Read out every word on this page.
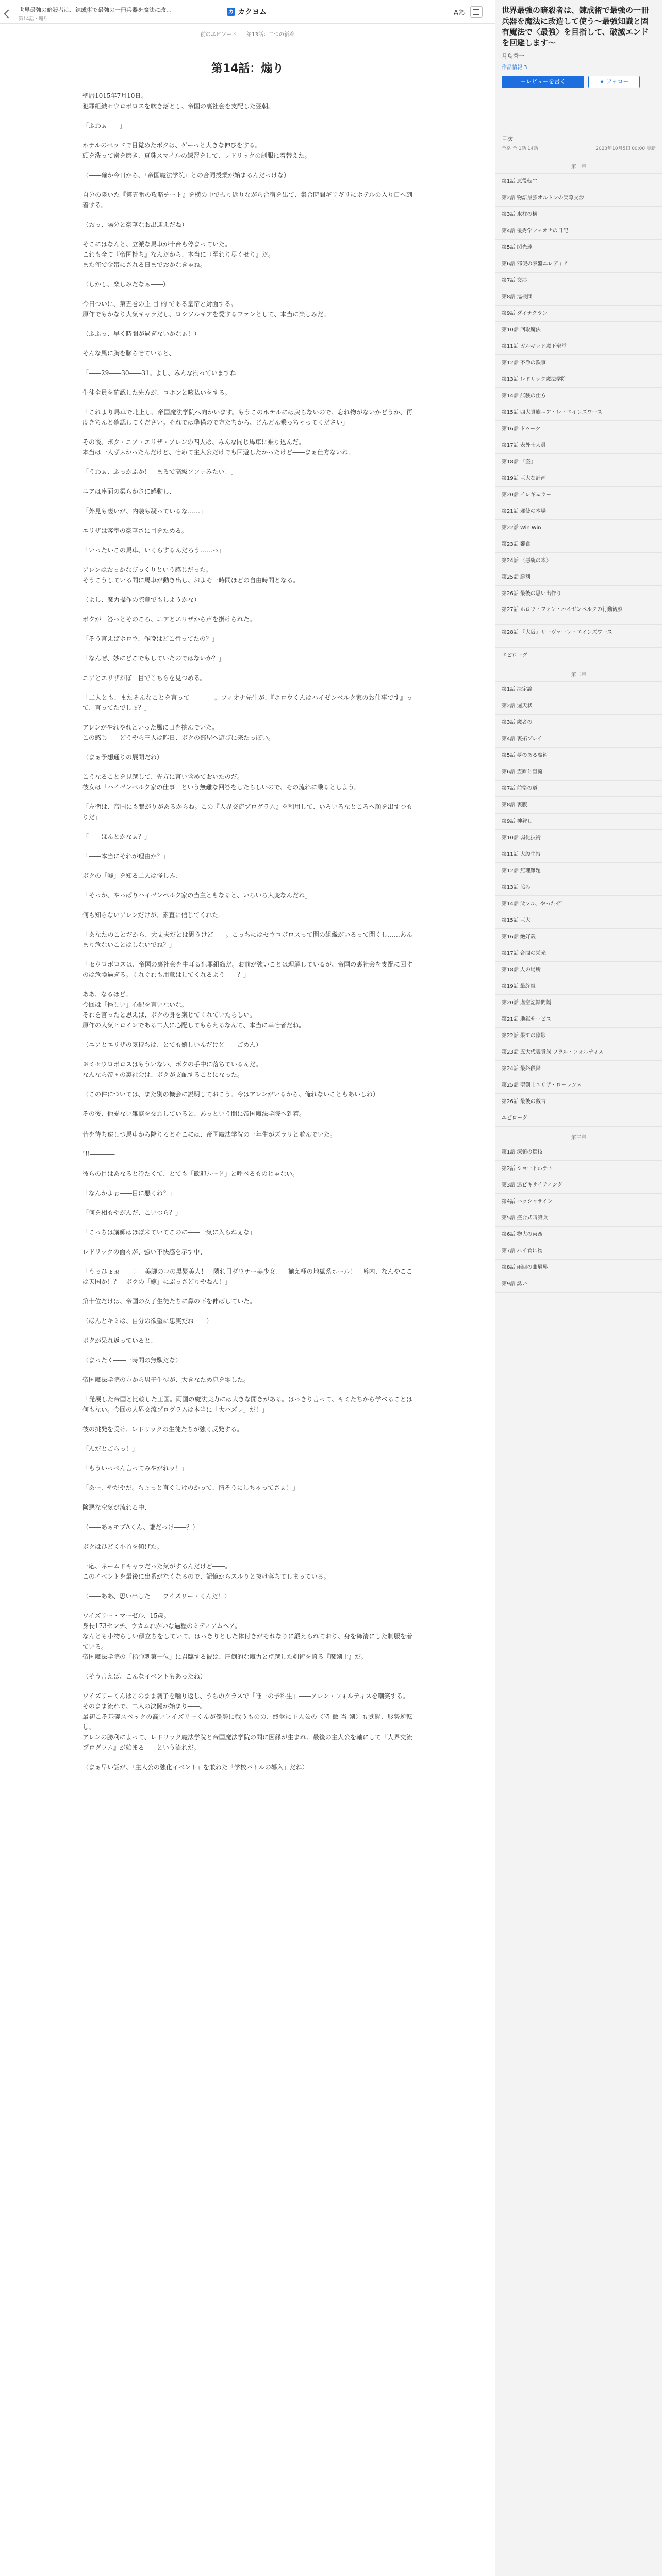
世界最強の暗殺者は、錬成術で最強の一冊兵器を魔法に改…
第14話・煽り
カ カクヨム	Aあ
前のエピソード 第13話：二つの新着
第14話：煽り

聖暦1015年7月10日。
犯罪組織セウロボロスを吹き落とし、帝国の裏社会を支配した翌朝。

「ふわぁ――」

ホテルのベッドで目覚めたボクは、ゲーっと大きな伸びをする。
頭を洗って歯を磨き、真珠スマイルの練習をして、レドリックの制服に着替えた。

（――確か今日から、『帝国魔法学院』との合同授業が始まるんだっけな）

自分の隣いた『第五番の攻略チート』を横の中で振り返りながら合宿を出て、集合時間ギリギリにホテルの入り口へ到着する。

（おっ、陽分と豪華なお出迎えだね）

そこにはなんと、立派な馬車が十台も停まっていた。
これも全て『帝国持ち』なんだから、本当に『至れり尽くせり』だ。
また俺で金帯にされる日までおかなきゃね。

（しかし、楽しみだなぁ――）

今日ついに、第五巻の主 目 的 である皇帝と対面する。
原作でもかなり人気キャラだし、ロシソルキアを愛するファンとして、本当に楽しみだ。

（ふふっ、早く時間が過ぎないかなぁ！）

そんな風に胸を膨らせていると、

「――29――30――31。よし、みんな揃っていますね」

生徒全員を確認した先方が、コホンと咳払いをする。

「これより馬車で北上し、帝国魔法学院へ向かいます。もうこのホテルには戻らないので、忘れ物がないかどうか、再度きちんと確認してください。それでは準備ので方たちから、どんどん乗っちゃってください」

その後、ボク・ニア・エリザ・アレンの四人は、みんな同じ馬車に乗り込んだ。
本当は一人ずふかったんだけど、せめて主人公だけでも回避したかったけど――まぁ仕方ないね。

「うわぁ、ふっかふか！　まるで高級ソファみたい！」

ニアは座面の柔らかさに感動し、

「外見も凄いが、内装も凝っているな……」

エリザは客室の豪華さに目をためる。

「いったいこの馬車、いくらするんだろう……っ」

アレンはおっかなびっくりという感じだった。
そうこうしている間に馬車が動き出し、およそ一時間ほどの自由時間となる。

（よし、魔力操作の際意でもしようかな）

ボクが　答っとそのころ、ニアとエリザから声を掛けられた。

「そう言えばホロウ、作晩はどこ行ってたの？」

「なんぜ、妙にどこでもしていたのではないか？」

ニアとエリザがぼ　目でこちらを見つめる。

「二人とも、またそんなことを言って――――。フィオナ先生が、『ホロウくんはハイゼンベルク家のお仕事です』って、言ってたでしょ？」

アレンがやれやれといった風に口を挟んでいた。
この感じ――どうやら三人は昨日、ボクの部屋へ遊びに来たっぽい。

（まぁ予想通りの展開だね）

こうなることを見越して、先方に言い含めておいたのだ。
彼女は「ハイゼンベルク家の仕事」という無難な回答をしたらしいので、その流れに乗るとしよう。

「左衛は、帝国にも繋がりがあるからね。この『人界交流プログラム』を利用して、いろいろなところへ顔を出すつもりだ」

「――ほんとかなぁ？」

「――本当にそれが理由か？」

ボクの「嘘」を知る二人は怪しみ、

「そっか、やっぱりハイゼンベルク家の当主ともなると、いろいろ大変なんだね」

何も知らないアレンだけが、素直に信じてくれた。

「あなたのことだから、大丈夫だとは思うけど――。こっちにはセウロボロスって闇の組織がいるって聞くし……あんまり危ないことはしないでね？」

「セウロボロスは、帝国の裏社会を牛耳る犯罪組織だ。お前が強いことは理解しているが、帝国の裏社会を支配に回すのは危険過ぎる。くれぐれも用意はしてくれるよう――？」

ああ、なるほど。
今回は「怪しい」心配を言いないな。
それを言ったと思えば、ボクの身を案じてくれていたらしい。
原作の人気ヒロインである二人に心配してもらえるなんて、本当に幸せ者だね。

（ニアとエリザの気持ちは、とても嬉しいんだけど――ごめん）

※ミセウロボロスはもういない、ボクの手中に落ちているんだ。
なんなら帝国の裏社会は、ボクが支配することになった。

（この件については、また別の機会に説明しておこう。今はアレンがいるから、俺れないこともあいしね）

その後、他愛ない雑談を交わしていると、あっという間に帝国魔法学院へ到着。

昔を待ち遠しつ馬車から降りるとそこには、帝国魔法学院の一年生がズラリと並んでいた。

!!!――――」

彼らの目はあなると冷たくて、とても「歓迎ムード」と呼べるものじゃない。

「なんかよぉ――目に悪くね？」

「何を相もやがんだ、こいつら？」

「こっちは講師はほぼ来ていてこのに――一気に入らねぇな」

レドリックの面々が、強い不快感を示す中、

「うっひょぉ――！　美脚のコの黒髪美人！　隣れ目ダウナー美少女！　揃え極の地獄系ホール！　噂内、なんやここは天国か！？　ボクの「嫁」にぶっさどりやねん！」

第十位だけは、帝国の女子生徒たちに鼻の下を伸ばしていた。

（ほんとキミは、自分の欲望に忠実だね――）

ボクが呆れ返っていると、

（まったく――一時間の無駄だな）

帝国魔法学院の方から男子生徒が、大きなため息を零した。

「発展した帝国と比較した王国。両国の魔法実力には大きな開きがある。はっきり言って、キミたちから学べることは何もない。今回の人界交流プログラムは本当に「大ハズレ」だ！」

彼の挑発を受け、レドリックの生徒たちが強く反発する。

「んだとごらっ！」

「もういっぺん言ってみやがれッ！」

「あー、やだやだ。ちょっと直ぐしけのかって、情そうにしちゃってさぁ！」

険悪な空気が流れる中、

（――あぁモブAくん、誰だっけ――？）

ボクはひどく小首を傾げた。

一応、ネームドキャラだった気がするんだけど――。
このイベントを最後に出番がなくなるので、記憶からスルりと抜け落ちてしまっている。

（――ああ、思い出した！　ワイズリー・くんだ！）

ワイズリー・マーゼル、15歳。
身長173センチ、ウカムれかいな過程のミディアムヘア。
なんとも小物らしい顔立ちをしていて、はっきりとした体付きがそれなりに鍛えられており、身を飾清にした制服を着ている。
帝国魔法学院の「指弾刺第一位」に君臨する彼は、圧倒的な魔力と卓越した剣術を誇る『魔剣士』だ。

（そう言えば、こんなイベントもあったね）

ワイズリーくんはこのまま調子を噛り返し、うちのクラスで「唯一の予科生」――アレン・フォルティスを嘲笑する。
そのまま流れで、二人の決闘が始まり――。
最初こそ基礎スペックの高いワイズリーくんが優勢に戦うものの、終盤に主人公の〈特 徴 当 剣〉も覚醒、形勢逆転し、
アレンの勝利によって、レドリック魔法学院と帝国魔法学院の間に因縁が生まれ、最後の主人公を軸にして『人界交流プログラム』が始まる――という流れだ。

（まぁ早い話が、『主人公の強化イベント』を兼ねた「学校バトルの導入」だね）

世界最強の暗殺者は、錬成術で最強の一冊兵器を魔法に改造して使う～最強知識と固有魔法で〈最強〉を目指して、破滅エンドを回避します～
月島秀一
作品情報 3
＋レビューを書く	★ フォロー
目次
全格 全 1話 14話	2023年10月5日 00:00 更新
第一章
第1話 悪役転生
第2話 物語最強オルトンの実際交渉
第3話 氷柱の構
第4話 優秀学フォオナの日記
第5話 閃光球
第6話 邪使の表盤エレディア
第7話 交渉
第8話 巡検団
第9話 ダイナクラン
第10話 回取魔法
第11話 ガルギッド魔下聖堂
第12話 不浄の鉄事
第13話 レドリック魔法学院
第14話 試験の仕方
第15話 四大貴族ニア・レ・エインズワース
第16話 ドゥーク
第17話 表外士人員
第18話 『盗』
第19話 巨大な計画
第20話 イレギュラー
第21話 邪使の本場
第22話 Win Win
第23話 饗食
第24話 〈悪統の本〉
第25話 勝利
第26話 最後の思い出作り
第27話 ホロウ・フォン・ハイゼンベルクの行動観察
第28話 『大阪』リーヴァーレ・エインズワース
エピローグ
第二章
第1話 決定論
第2話 週天状
第3話 魔者の
第4話 裏拓プレイ
第5話 夢のある魔術
第6話 霊難と皇流
第7話 前衛の道
第8話 裏腹
第9話 神狩し
第10話 弱化技術
第11話 大腹生持
第12話 無理難題
第13話 協み
第14話 父フル、やったぜ！
第15話 巨大
第16話 絶好義
第17話 合間の栄光
第18話 人の場所
第19話 最終組
第20話 虐空記録間隔
第21話 地獄サービス
第22話 果ての陰影
第23話 五大代表貴族 フラル・フォルティス
第24話 最終段階
第25話 聖剣士エリザ・ローレンス
第26話 最後の戯言
エピローグ
第三章
第1話 深領の選技
第2話 ショートホテト
第3話 遠ビキサイティング
第4話 ハッシャサイン
第5話 盛合式暗殺兵
第6話 物大の東西
第7話 バイ食に物
第8話 雨回の曲展界
第9話 誘い
